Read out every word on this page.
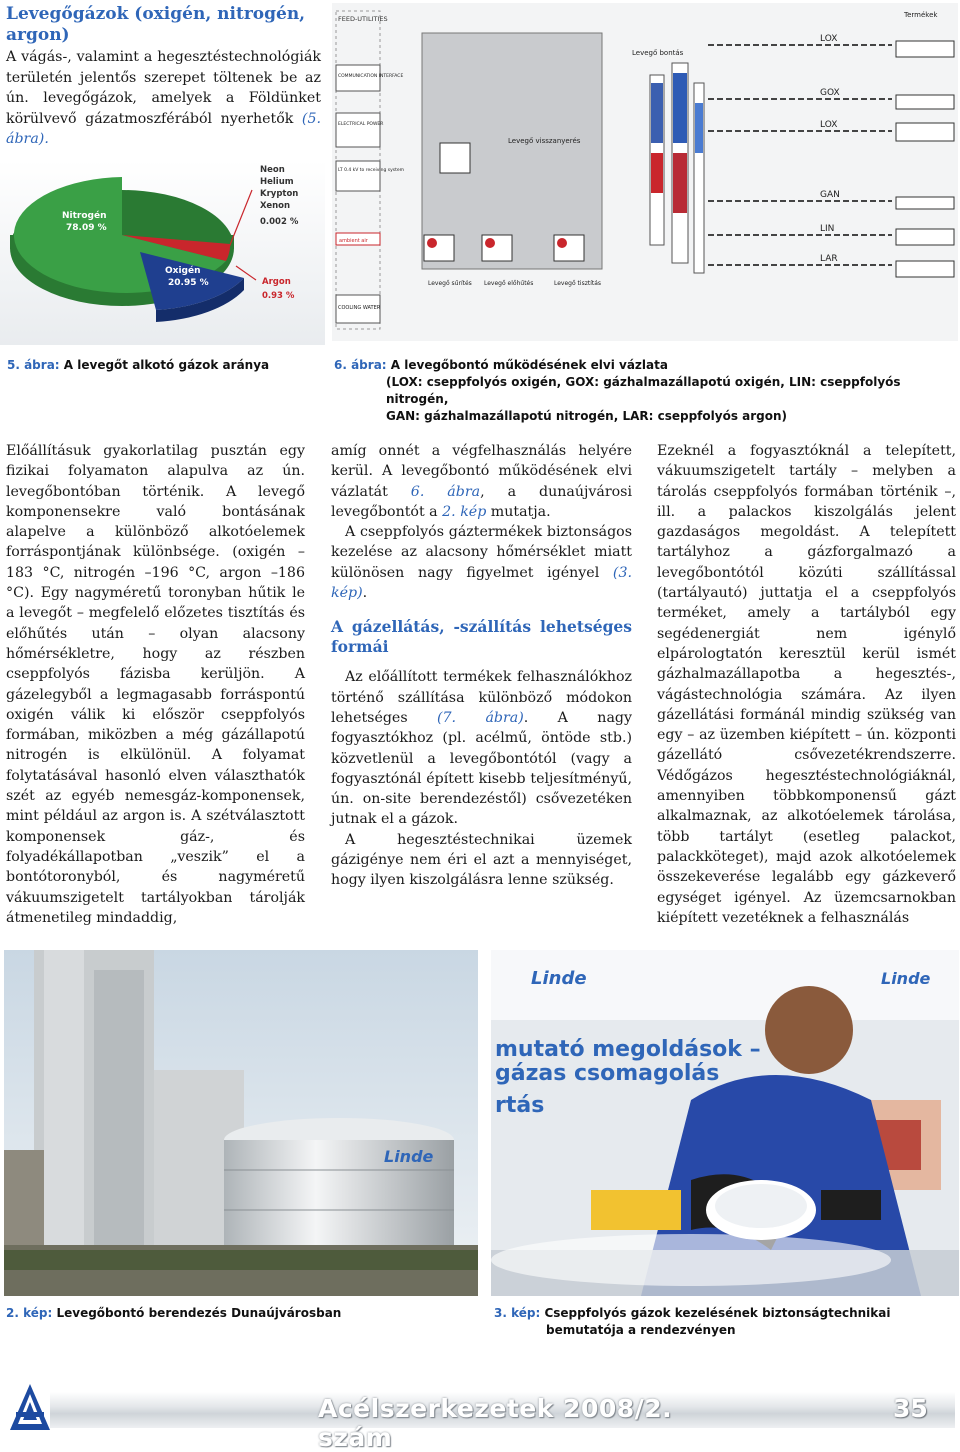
Levegőgázok (oxigén, nitrogén, argon)
A vágás-, valamint a hegesztéstechnológiák területén jelentős szerepet töltenek be az ún. levegőgázok, amelyek a Földünket körülvevő gázatmoszférából nyerhetők (5. ábra).
Nitrogén
78.09 %
Oxigén
20.95 %
Neon
Helium
Krypton
Xenon
0.002 %
Argon
0.93 %
FEED-UTILITIES
COMMUNICATION INTERFACE
ELECTRICAL POWER
LT 0.4 kV to receiving system
ambient air
COOLING WATER
Levegő sűrítés Levegő előhűtés	Levegő tisztítás
Levegő bontás
Levegő visszanyerés
LOX
GOX
LOX
GAN
LIN
LAR
Termékek
5. ábra: A levegőt alkotó gázok aránya	6. ábra: A levegőbontó működésének elvi vázlata
(LOX: cseppfolyós oxigén, GOX: gázhalmazállapotú oxigén, LIN: cseppfolyós nitrogén,
GAN: gázhalmazállapotú nitrogén, LAR: cseppfolyós argon)

Előállításuk gyakorlatilag pusztán egy fizikai folyamaton alapulva az ún. levegőbontóban történik. A levegő komponensekre való bontásának alapelve a különböző alkotóelemek forráspontjának különbsége. (oxigén –183 °C, nitrogén –196 °C, argon –186 °C). Egy nagyméretű toronyban hűtik le a levegőt – megfelelő előzetes tisztítás és előhűtés után – olyan alacsony hőmérsékletre, hogy az részben cseppfolyós fázisba kerüljön. A gázelegyből a legmagasabb forráspontú oxigén válik ki először cseppfolyós formában, miközben a még gázállapotú nitrogén is elkülönül. A folyamat folytatásával hasonló elven választhatók szét az egyéb nemesgáz-komponensek, mint például az argon is. A szétválasztott komponensek gáz-, és folyadékállapotban „veszik” el a bontótoronyból, és nagyméretű vákuumszigetelt tartályokban tárolják átmenetileg mindaddig,

amíg onnét a végfelhasználás helyére kerül. A levegőbontó működésének elvi vázlatát 6. ábra, a dunaújvárosi levegőbontót a 2. kép mutatja.

A cseppfolyós gáztermékek biztonságos kezelése az alacsony hőmérséklet miatt különösen nagy figyelmet igényel (3. kép).

A gázellátás, -szállítás lehetséges formái

Az előállított termékek felhasználókhoz történő szállítása különböző módokon lehetséges (7. ábra). A nagy fogyasztókhoz (pl. acélmű, öntöde stb.) közvetlenül a levegőbontótól (vagy a fogyasztónál épített kisebb teljesítményű, ún. on-site berendezéstől) csővezetéken jutnak el a gázok.

A hegesztéstechnikai üzemek gázigénye nem éri el azt a mennyiséget, hogy ilyen kiszolgálásra lenne szükség.

Ezeknél a fogyasztóknál a telepített, vákuumszigetelt tartály – melyben a tárolás cseppfolyós formában történik –, ill. a palackos kiszolgálás jelent gazdaságos megoldást. A telepített tartályhoz a gázforgalmazó a levegőbontótól közúti szállítással (tartályautó) juttatja el a cseppfolyós terméket, amely a tartályból egy segédenergiát nem igénylő elpárologtatón keresztül kerül ismét gázhalmazállapotba a hegesztés-, vágástechnológia számára. Az ilyen gázellátási formánál mindig szükség van egy – az üzemben kiépített – ún. központi gázellátó csővezetékrendszerre. Védőgázos hegesztéstechnológiáknál, amennyiben többkomponensű gázt alkalmaznak, az alkotóelemek tárolása, több tartályt (esetleg palackot, palackköteget), majd azok alkotóelemek összekeverése legalább egy gázkeverő egységet igényel. Az üzemcsarnokban kiépített vezetéknek a felhasználás

Linde
Linde	Linde
mutató megoldások –
gázas csomagolás
rtás
2. kép: Levegőbontó berendezés Dunaújvárosban	3. kép: Cseppfolyós gázok kezelésének biztonságtechnikai
bemutatója a rendezvényen
Acélszerkezetek 2008/2. szám
35
